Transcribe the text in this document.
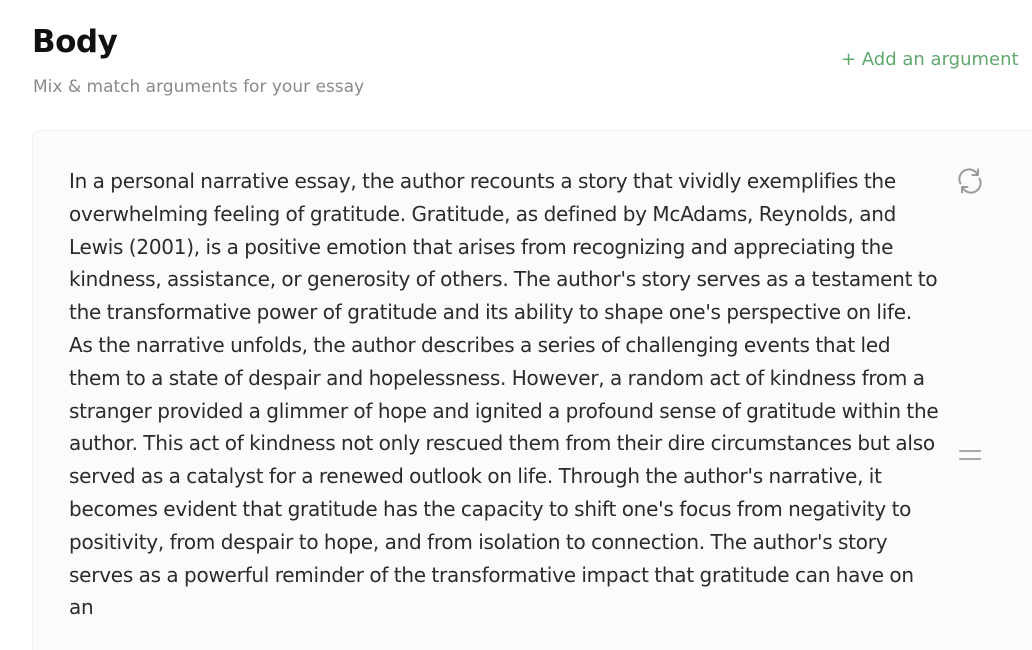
Body
Mix & match arguments for your essay
+ Add an argument

In a personal narrative essay, the author recounts a story that vividly exemplifies the overwhelming feeling of gratitude. Gratitude, as defined by McAdams, Reynolds, and Lewis (2001), is a positive emotion that arises from recognizing and appreciating the kindness, assistance, or generosity of others. The author's story serves as a testament to the transformative power of gratitude and its ability to shape one's perspective on life. As the narrative unfolds, the author describes a series of challenging events that led them to a state of despair and hopelessness. However, a random act of kindness from a stranger provided a glimmer of hope and ignited a profound sense of gratitude within the author. This act of kindness not only rescued them from their dire circumstances but also served as a catalyst for a renewed outlook on life. Through the author's narrative, it becomes evident that gratitude has the capacity to shift one's focus from negativity to positivity, from despair to hope, and from isolation to connection. The author's story serves as a powerful reminder of the transformative impact that gratitude can have on an
